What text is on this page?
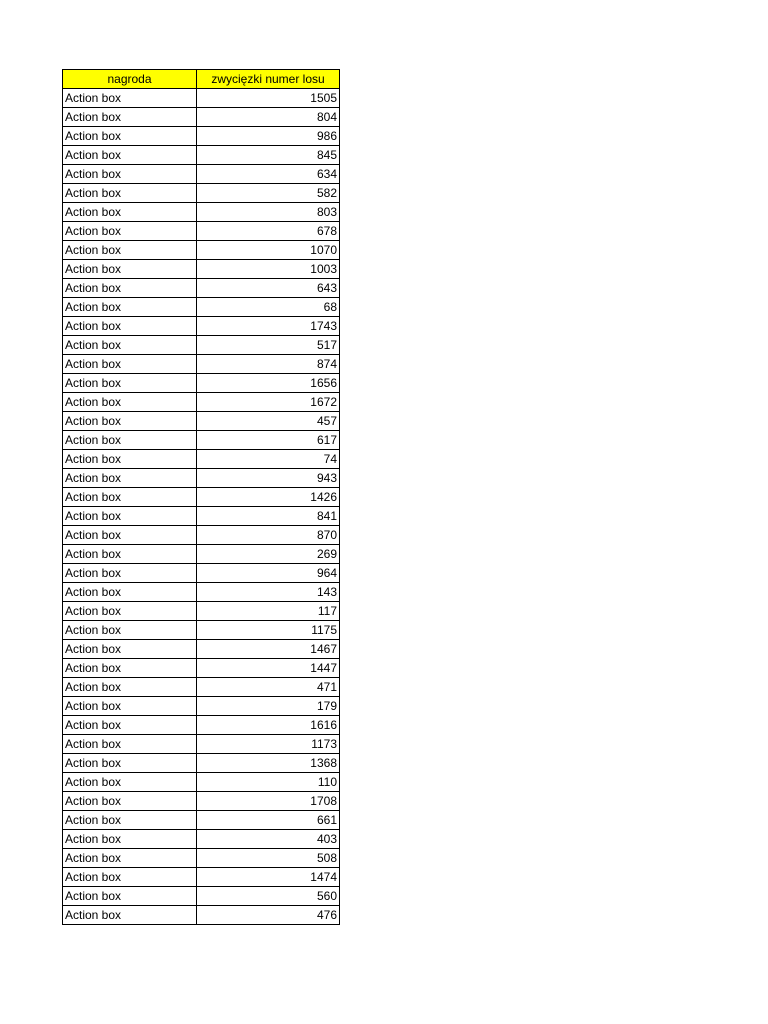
nagroda	zwycięzki numer losu
Action box	1505
Action box	804
Action box	986
Action box	845
Action box	634
Action box	582
Action box	803
Action box	678
Action box	1070
Action box	1003
Action box	643
Action box	68
Action box	1743
Action box	517
Action box	874
Action box	1656
Action box	1672
Action box	457
Action box	617
Action box	74
Action box	943
Action box	1426
Action box	841
Action box	870
Action box	269
Action box	964
Action box	143
Action box	117
Action box	1175
Action box	1467
Action box	1447
Action box	471
Action box	179
Action box	1616
Action box	1173
Action box	1368
Action box	110
Action box	1708
Action box	661
Action box	403
Action box	508
Action box	1474
Action box	560
Action box	476
